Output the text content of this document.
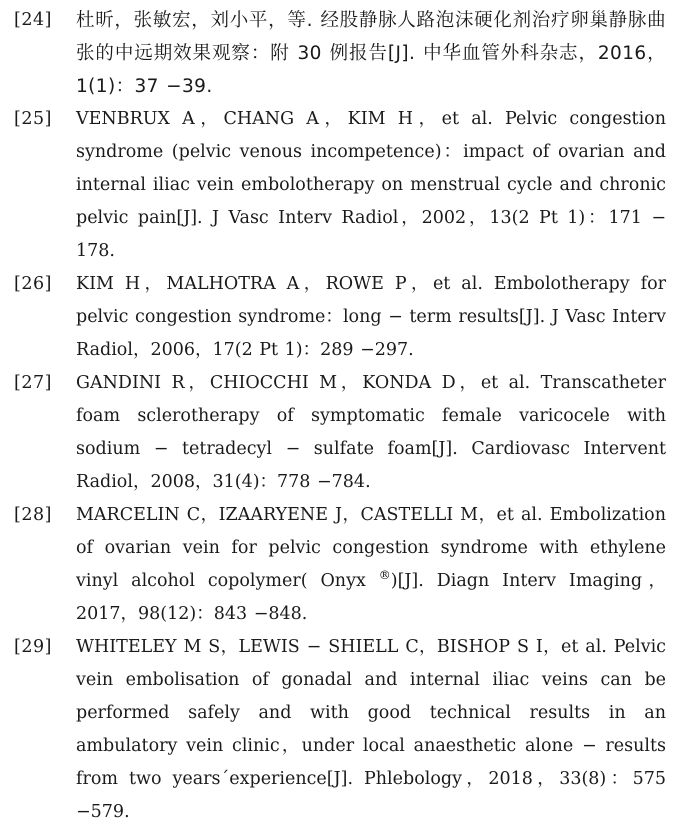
[24]	杜昕，张敏宏，刘小平，等. 经股静脉人路泡沫硬化剂治疗卵巢静脉曲张的中远期效果观察：附 30 例报告[J]. 中华血管外科杂志，2016，1(1)：37 −39.
[25]	VENBRUX A，CHANG A，KIM H，et al. Pelvic congestion syndrome (pelvic venous incompetence)：impact of ovarian and internal iliac vein embolotherapy on menstrual cycle and chronic pelvic pain[J]. J Vasc Interv Radiol，2002，13(2 Pt 1)：171 − 178.
[26]	KIM H，MALHOTRA A，ROWE P，et al. Embolotherapy for pelvic congestion syndrome：long − term results[J]. J Vasc Interv Radiol，2006，17(2 Pt 1)：289 −297.
[27]	GANDINI R，CHIOCCHI M，KONDA D，et al. Transcatheter foam sclerotherapy of symptomatic female varicocele with sodium − tetradecyl − sulfate foam[J]. Cardiovasc Intervent Radiol，2008，31(4)：778 −784.
[28]	MARCELIN C，IZAARYENE J，CASTELLI M，et al. Embolization of ovarian vein for pelvic congestion syndrome with ethylene vinyl alcohol copolymer( Onyx ®)[J]. Diagn Interv Imaging，2017，98(12)：843 −848.
[29]	WHITELEY M S，LEWIS − SHIELL C，BISHOP S I，et al. Pelvic vein embolisation of gonadal and internal iliac veins can be performed safely and with good technical results in an ambulatory vein clinic，under local anaesthetic alone − results from two years´experience[J]. Phlebology，2018，33(8)：575 −579.
